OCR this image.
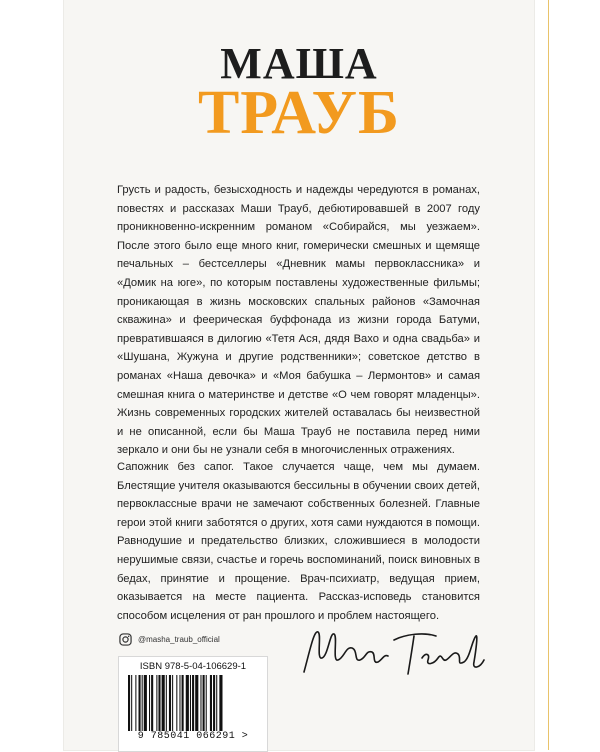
МАША
ТРАУБ

Грусть и радость, безысходность и надежды чередуются в романах, повестях и рассказах Маши Трауб, дебютировавшей в 2007 году проникновенно-искренним романом «Собирайся, мы уезжаем». После этого было еще много книг, гомерически смешных и щемяще печальных – бестселлеры «Дневник мамы первоклассника» и «Домик на юге», по которым поставлены художественные фильмы; проникающая в жизнь московских спальных районов «Замочная скважина» и феерическая буффонада из жизни города Батуми, превратившаяся в дилогию «Тетя Ася, дядя Вахо и одна свадьба» и «Шушана, Жужуна и другие родственники»; советское детство в романах «Наша девочка» и «Моя бабушка – Лермонтов» и самая смешная книга о материнстве и детстве «О чем говорят младенцы». Жизнь современных городских жителей оставалась бы неизвестной и не описанной, если бы Маша Трауб не поставила перед ними зеркало и они бы не узнали себя в многочисленных отражениях.

Сапожник без сапог. Такое случается чаще, чем мы думаем. Блестящие учителя оказываются бессильны в обучении своих детей, первоклассные врачи не замечают собственных болезней. Главные герои этой книги заботятся о других, хотя сами нуждаются в помощи. Равнодушие и предательство близких, сложившиеся в молодости нерушимые связи, счастье и горечь воспоминаний, поиск виновных в бедах, принятие и прощение. Врач-психиатр, ведущая прием, оказывается на месте пациента. Рассказ-исповедь становится способом исцеления от ран прошлого и проблем настоящего.

@masha_traub_official
ISBN 978-5-04-106629-1
9 785041 066291 >
